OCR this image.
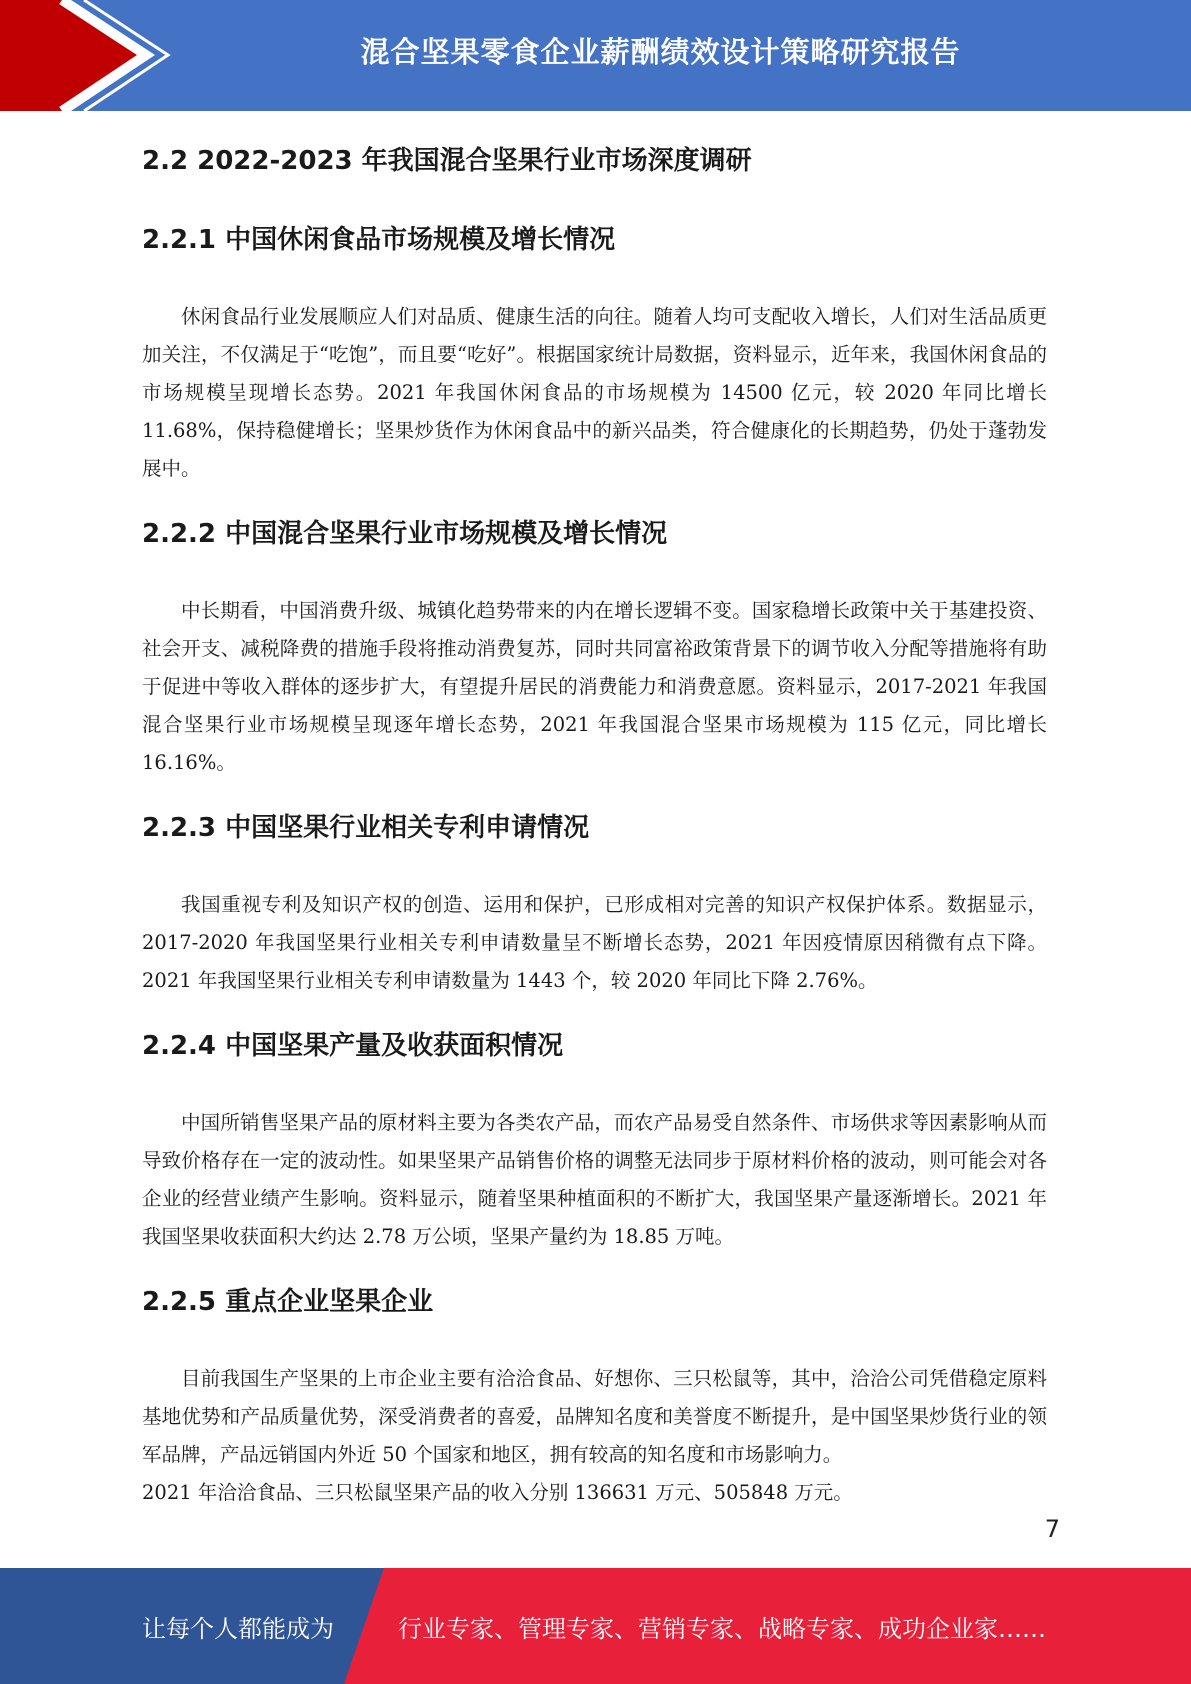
混合坚果零食企业薪酬绩效设计策略研究报告
2.2 2022-2023 年我国混合坚果行业市场深度调研
2.2.1 中国休闲食品市场规模及增长情况

休闲食品行业发展顺应人们对品质、健康生活的向往。随着人均可支配收入增长，人们对生活品质更加关注，不仅满足于“吃饱”，而且要“吃好”。根据国家统计局数据，资料显示，近年来，我国休闲食品的市场规模呈现增长态势。2021 年我国休闲食品的市场规模为 14500 亿元，较 2020 年同比增长 11.68%，保持稳健增长；坚果炒货作为休闲食品中的新兴品类，符合健康化的长期趋势，仍处于蓬勃发展中。

2.2.2 中国混合坚果行业市场规模及增长情况

中长期看，中国消费升级、城镇化趋势带来的内在增长逻辑不变。国家稳增长政策中关于基建投资、社会开支、减税降费的措施手段将推动消费复苏，同时共同富裕政策背景下的调节收入分配等措施将有助于促进中等收入群体的逐步扩大，有望提升居民的消费能力和消费意愿。资料显示，2017-2021 年我国混合坚果行业市场规模呈现逐年增长态势，2021 年我国混合坚果市场规模为 115 亿元，同比增长 16.16%。

2.2.3 中国坚果行业相关专利申请情况

我国重视专利及知识产权的创造、运用和保护，已形成相对完善的知识产权保护体系。数据显示，2017-2020 年我国坚果行业相关专利申请数量呈不断增长态势，2021 年因疫情原因稍微有点下降。2021 年我国坚果行业相关专利申请数量为 1443 个，较 2020 年同比下降 2.76%。

2.2.4 中国坚果产量及收获面积情况

中国所销售坚果产品的原材料主要为各类农产品，而农产品易受自然条件、市场供求等因素影响从而导致价格存在一定的波动性。如果坚果产品销售价格的调整无法同步于原材料价格的波动，则可能会对各企业的经营业绩产生影响。资料显示，随着坚果种植面积的不断扩大，我国坚果产量逐渐增长。2021 年我国坚果收获面积大约达 2.78 万公顷，坚果产量约为 18.85 万吨。

2.2.5 重点企业坚果企业

目前我国生产坚果的上市企业主要有洽洽食品、好想你、三只松鼠等，其中，洽洽公司凭借稳定原料基地优势和产品质量优势，深受消费者的喜爱，品牌知名度和美誉度不断提升，是中国坚果炒货行业的领军品牌，产品远销国内外近 50 个国家和地区，拥有较高的知名度和市场影响力。

2021 年洽洽食品、三只松鼠坚果产品的收入分别 136631 万元、505848 万元。

7
让每个人都能成为	行业专家、管理专家、营销专家、战略专家、成功企业家……
